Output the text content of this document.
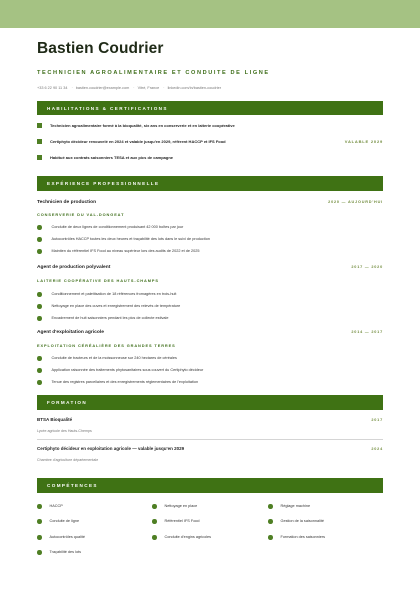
Bastien Coudrier
TECHNICIEN AGROALIMENTAIRE ET CONDUITE DE LIGNE
+33 6 22 90 11 34 · bastien.coudrier@example.com · Vitré, France · linkedin.com/in/bastien-coudrier
HABILITATIONS & CERTIFICATIONS
Technicien agroalimentaire formé à la bioqualité, six ans en conserverie et en laiterie coopérative
Certiphyto décideur renouvelé en 2024 et valable jusqu'en 2029, référent HACCP et IFS Food	VALABLE 2029
Habitué aux contrats saisonniers TESA et aux pics de campagne
EXPÉRIENCE PROFESSIONNELLE
Technicien de production	2020 — AUJOURD'HUI
CONSERVERIE DU VAL-DONGEAT
Conduite de deux lignes de conditionnement produisant 42 000 boîtes par jour
Autocontrôles HACCP toutes les deux heures et traçabilité des lots dans le suivi de production
Maintien du référentiel IFS Food au niveau supérieur lors des audits de 2022 et de 2025
Agent de production polyvalent	2017 — 2020
LAITERIE COOPÉRATIVE DES HAUTS-CHAMPS
Conditionnement et palettisation de 18 références fromagères en trois-huit
Nettoyage en place des cuves et enregistrement des relevés de température
Encadrement de huit saisonniers pendant les pics de collecte estivale
Agent d'exploitation agricole	2014 — 2017
EXPLOITATION CÉRÉALIÈRE DES GRANDES TERRES
Conduite de tracteurs et de la moissonneuse sur 240 hectares de céréales
Application raisonnée des traitements phytosanitaires sous couvert du Certiphyto décideur
Tenue des registres parcellaires et des enregistrements réglementaires de l'exploitation
FORMATION
BTSA Bioqualité	2017
Lycée agricole des Hauts-Chemps
Certiphyto décideur en exploitation agricole — valable jusqu'en 2029	2024
Chambre d'agriculture départementale
COMPÉTENCES
HACCP	Nettoyage en place	Réglage machine
Conduite de ligne	Référentiel IFS Food	Gestion de la saisonnalité
Autocontrôles qualité	Conduite d'engins agricoles	Formation des saisonniers
Traçabilité des lots
